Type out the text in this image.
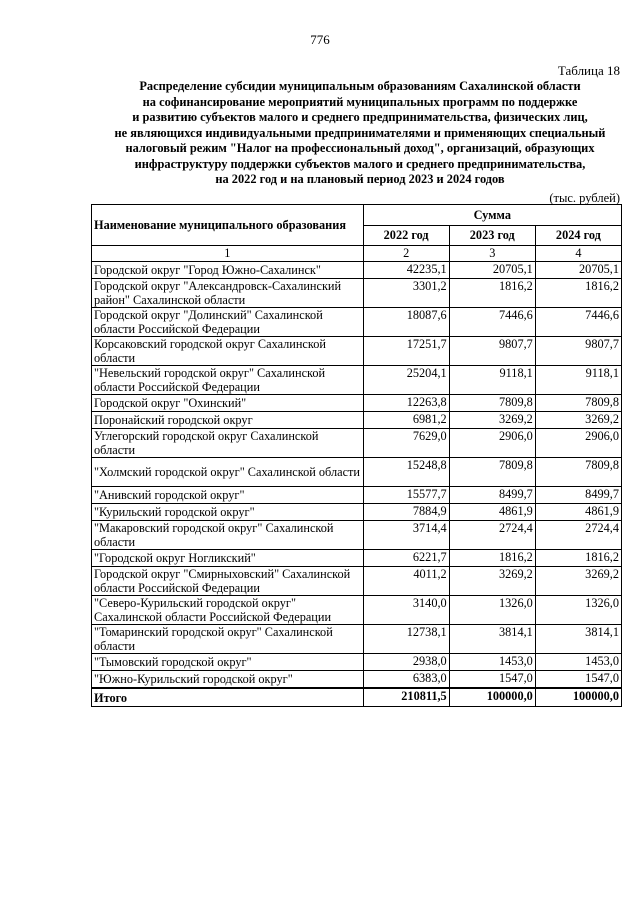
776
Таблица 18
Распределение субсидии муниципальным образованиям Сахалинской области
на софинансирование мероприятий муниципальных программ по поддержке
и развитию субъектов малого и среднего предпринимательства, физических лиц,
не являющихся индивидуальными предпринимателями и применяющих специальный
налоговый режим "Налог на профессиональный доход", организаций, образующих
инфраструктуру поддержки субъектов малого и среднего предпринимательства,
на 2022 год и на плановый период 2023 и 2024 годов
(тыс. рублей)
Наименование муниципального образования	Сумма		
	2022 год	2023 год	2024 год
1	2	3	4
Городской округ "Город Южно-Сахалинск"	42235,1	20705,1	20705,1
Городской округ "Александровск-Сахалинский район" Сахалинской области	3301,2	1816,2	1816,2
Городской округ "Долинский" Сахалинской области Российской Федерации	18087,6	7446,6	7446,6
Корсаковский городской округ Сахалинской области	17251,7	9807,7	9807,7
"Невельский городской округ" Сахалинской области Российской Федерации	25204,1	9118,1	9118,1
Городской округ "Охинский"	12263,8	7809,8	7809,8
Поронайский городской округ	6981,2	3269,2	3269,2
Углегорский городской округ Сахалинской области	7629,0	2906,0	2906,0
"Холмский городской округ" Сахалинской области	15248,8	7809,8	7809,8
"Анивский городской округ"	15577,7	8499,7	8499,7
"Курильский городской округ"	7884,9	4861,9	4861,9
"Макаровский городской округ" Сахалинской области	3714,4	2724,4	2724,4
"Городской округ Ногликский"	6221,7	1816,2	1816,2
Городской округ "Смирныховский" Сахалинской области Российской Федерации	4011,2	3269,2	3269,2
"Северо-Курильский городской округ" Сахалинской области Российской Федерации	3140,0	1326,0	1326,0
"Томаринский городской округ" Сахалинской области	12738,1	3814,1	3814,1
"Тымовский городской округ"	2938,0	1453,0	1453,0
"Южно-Курильский городской округ"	6383,0	1547,0	1547,0
Итого	210811,5	100000,0	100000,0
